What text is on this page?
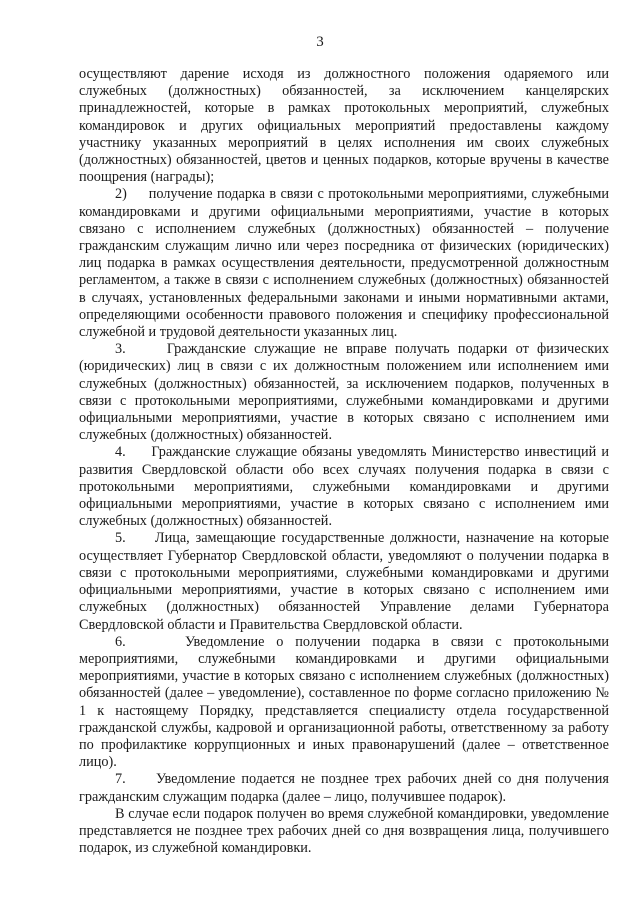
3

осуществляют дарение исходя из должностного положения одаряемого или служебных (должностных) обязанностей, за исключением канцелярских принадлежностей, которые в рамках протокольных мероприятий, служебных командировок и других официальных мероприятий предоставлены каждому участнику указанных мероприятий в целях исполнения им своих служебных (должностных) обязанностей, цветов и ценных подарков, которые вручены в качестве поощрения (награды);

2)     получение подарка в связи с протокольными мероприятиями, служебными командировками и другими официальными мероприятиями, участие в которых связано с исполнением служебных (должностных) обязанностей – получение гражданским служащим лично или через посредника от физических (юридических) лиц подарка в рамках осуществления деятельности, предусмотренной должностным регламентом, а также в связи с исполнением служебных (должностных) обязанностей в случаях, установленных федеральными законами и иными нормативными актами, определяющими особенности правового положения и специфику профессиональной служебной и трудовой деятельности указанных лиц.

3.     Гражданские служащие не вправе получать подарки от физических (юридических) лиц в связи с их должностным положением или исполнением ими служебных (должностных) обязанностей, за исключением подарков, полученных в связи с протокольными мероприятиями, служебными командировками и другими официальными мероприятиями, участие в которых связано с исполнением ими служебных (должностных) обязанностей.

4.     Гражданские служащие обязаны уведомлять Министерство инвестиций и развития Свердловской области обо всех случаях получения подарка в связи с протокольными мероприятиями, служебными командировками и другими официальными мероприятиями, участие в которых связано с исполнением ими служебных (должностных) обязанностей.

5.     Лица, замещающие государственные должности, назначение на которые осуществляет Губернатор Свердловской области, уведомляют о получении подарка в связи с протокольными мероприятиями, служебными командировками и другими официальными мероприятиями, участие в которых связано с исполнением ими служебных (должностных) обязанностей Управление делами Губернатора Свердловской области и Правительства Свердловской области.

6.     Уведомление о получении подарка в связи с протокольными мероприятиями, служебными командировками и другими официальными мероприятиями, участие в которых связано с исполнением служебных (должностных) обязанностей (далее – уведомление), составленное по форме согласно приложению № 1 к настоящему Порядку, представляется специалисту отдела государственной гражданской службы, кадровой и организационной работы, ответственному за работу по профилактике коррупционных и иных правонарушений (далее – ответственное лицо).

7.     Уведомление подается не позднее трех рабочих дней со дня получения гражданским служащим подарка (далее – лицо, получившее подарок).

В случае если подарок получен во время служебной командировки, уведомление представляется не позднее трех рабочих дней со дня возвращения лица, получившего подарок, из служебной командировки.
